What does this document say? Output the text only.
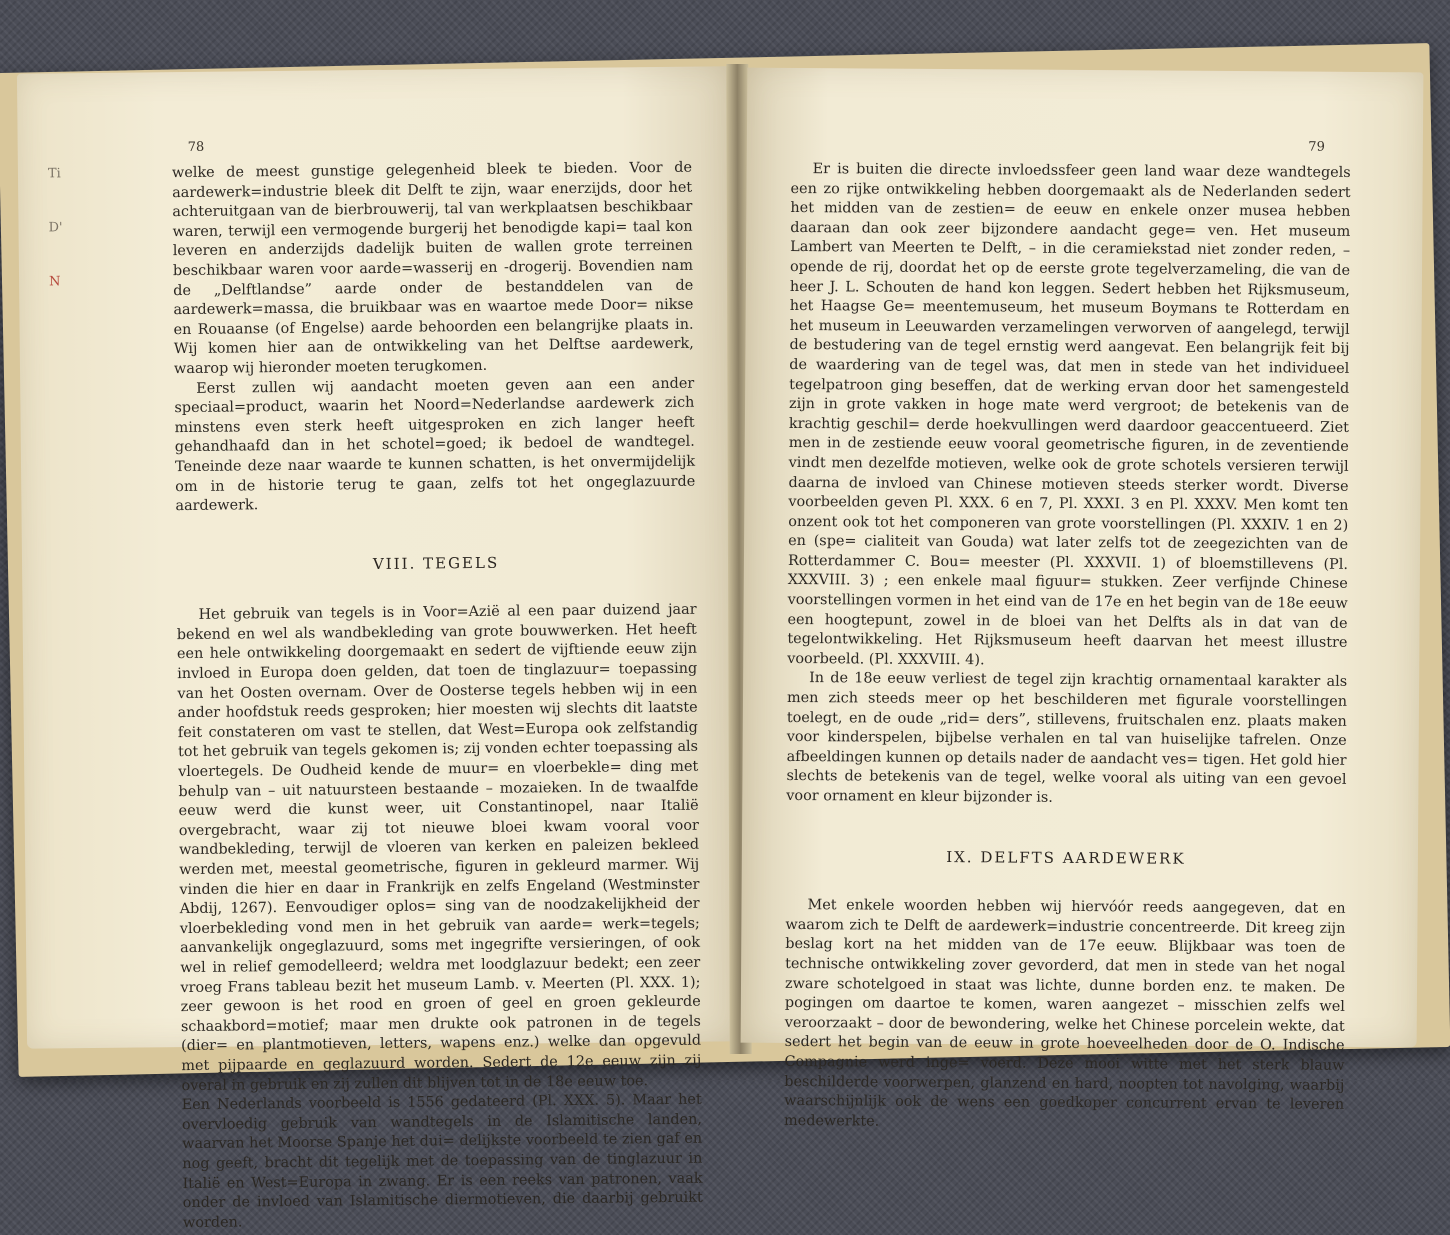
Ti
D'
N
78

welke de meest gunstige gelegenheid bleek te bieden. Voor de aardewerk=industrie bleek dit Delft te zijn, waar enerzijds, door het achteruitgaan van de bierbrouwerij, tal van werkplaatsen beschikbaar waren, terwijl een vermogende burgerij het benodigde kapi= taal kon leveren en anderzijds dadelijk buiten de wallen grote terreinen beschikbaar waren voor aarde=wasserij en -drogerij. Bovendien nam de „Delftlandse” aarde onder de bestanddelen van de aardewerk=massa, die bruikbaar was en waartoe mede Door= nikse en Rouaanse (of Engelse) aarde behoorden een belangrijke plaats in. Wij komen hier aan de ontwikkeling van het Delftse aardewerk, waarop wij hieronder moeten terugkomen.

Eerst zullen wij aandacht moeten geven aan een ander speciaal=product, waarin het Noord=Nederlandse aardewerk zich minstens even sterk heeft uitgesproken en zich langer heeft gehandhaafd dan in het schotel=goed; ik bedoel de wandtegel. Teneinde deze naar waarde te kunnen schatten, is het onvermijdelijk om in de historie terug te gaan, zelfs tot het ongeglazuurde aardewerk.

VIII. TEGELS

Het gebruik van tegels is in Voor=Azië al een paar duizend jaar bekend en wel als wandbekleding van grote bouwwerken. Het heeft een hele ontwikkeling doorgemaakt en sedert de vijftiende eeuw zijn invloed in Europa doen gelden, dat toen de tinglazuur= toepassing van het Oosten overnam. Over de Oosterse tegels hebben wij in een ander hoofdstuk reeds gesproken; hier moesten wij slechts dit laatste feit constateren om vast te stellen, dat West=Europa ook zelfstandig tot het gebruik van tegels gekomen is; zij vonden echter toepassing als vloertegels. De Oudheid kende de muur= en vloerbekle= ding met behulp van – uit natuursteen bestaande – mozaieken. In de twaalfde eeuw werd die kunst weer, uit Constantinopel, naar Italië overgebracht, waar zij tot nieuwe bloei kwam vooral voor wandbekleding, terwijl de vloeren van kerken en paleizen bekleed werden met, meestal geometrische, figuren in gekleurd marmer. Wij vinden die hier en daar in Frankrijk en zelfs Engeland (Westminster Abdij, 1267). Eenvoudiger oplos= sing van de noodzakelijkheid der vloerbekleding vond men in het gebruik van aarde= werk=tegels; aanvankelijk ongeglazuurd, soms met ingegrifte versieringen, of ook wel in relief gemodelleerd; weldra met loodglazuur bedekt; een zeer vroeg Frans tableau bezit het museum Lamb. v. Meerten (Pl. XXX. 1); zeer gewoon is het rood en groen of geel en groen gekleurde schaakbord=motief; maar men drukte ook patronen in de tegels (dier= en plantmotieven, letters, wapens enz.) welke dan opgevuld met pijpaarde en geglazuurd worden. Sedert de 12e eeuw zijn zij overal in gebruik en zij zullen dit blijven tot in de 18e eeuw toe.

Een Nederlands voorbeeld is 1556 gedateerd (Pl. XXX. 5). Maar het overvloedig gebruik van wandtegels in de Islamitische landen, waarvan het Moorse Spanje het dui= delijkste voorbeeld te zien gaf en nog geeft, bracht dit tegelijk met de toepassing van de tinglazuur in Italië en West=Europa in zwang. Er is een reeks van patronen, vaak onder de invloed van Islamitische diermotieven, die daarbij gebruikt worden.

79

Er is buiten die directe invloedssfeer geen land waar deze wandtegels een zo rijke ontwikkeling hebben doorgemaakt als de Nederlanden sedert het midden van de zestien= de eeuw en enkele onzer musea hebben daaraan dan ook zeer bijzondere aandacht gege= ven. Het museum Lambert van Meerten te Delft, – in die ceramiekstad niet zonder reden, – opende de rij, doordat het op de eerste grote tegelverzameling, die van de heer J. L. Schouten de hand kon leggen. Sedert hebben het Rijksmuseum, het Haagse Ge= meentemuseum, het museum Boymans te Rotterdam en het museum in Leeuwarden verzamelingen verworven of aangelegd, terwijl de bestudering van de tegel ernstig werd aangevat. Een belangrijk feit bij de waardering van de tegel was, dat men in stede van het individueel tegelpatroon ging beseffen, dat de werking ervan door het samengesteld zijn in grote vakken in hoge mate werd vergroot; de betekenis van de krachtig geschil= derde hoekvullingen werd daardoor geaccentueerd. Ziet men in de zestiende eeuw vooral geometrische figuren, in de zeventiende vindt men dezelfde motieven, welke ook de grote schotels versieren terwijl daarna de invloed van Chinese motieven steeds sterker wordt. Diverse voorbeelden geven Pl. XXX. 6 en 7, Pl. XXXI. 3 en Pl. XXXV. Men komt ten onzent ook tot het componeren van grote voorstellingen (Pl. XXXIV. 1 en 2) en (spe= cialiteit van Gouda) wat later zelfs tot de zeegezichten van de Rotterdammer C. Bou= meester (Pl. XXXVII. 1) of bloemstillevens (Pl. XXXVIII. 3) ; een enkele maal figuur= stukken. Zeer verfijnde Chinese voorstellingen vormen in het eind van de 17e en het begin van de 18e eeuw een hoogtepunt, zowel in de bloei van het Delfts als in dat van de tegelontwikkeling. Het Rijksmuseum heeft daarvan het meest illustre voorbeeld. (Pl. XXXVIII. 4).

In de 18e eeuw verliest de tegel zijn krachtig ornamentaal karakter als men zich steeds meer op het beschilderen met figurale voorstellingen toelegt, en de oude „rid= ders”, stillevens, fruitschalen enz. plaats maken voor kinderspelen, bijbelse verhalen en tal van huiselijke tafrelen. Onze afbeeldingen kunnen op details nader de aandacht ves= tigen. Het gold hier slechts de betekenis van de tegel, welke vooral als uiting van een gevoel voor ornament en kleur bijzonder is.

IX. DELFTS AARDEWERK

Met enkele woorden hebben wij hiervóór reeds aangegeven, dat en waarom zich te Delft de aardewerk=industrie concentreerde. Dit kreeg zijn beslag kort na het midden van de 17e eeuw. Blijkbaar was toen de technische ontwikkeling zover gevorderd, dat men in stede van het nogal zware schotelgoed in staat was lichte, dunne borden enz. te maken. De pogingen om daartoe te komen, waren aangezet – misschien zelfs wel veroorzaakt – door de bewondering, welke het Chinese porcelein wekte, dat sedert het begin van de eeuw in grote hoeveelheden door de O. Indische Compagnie werd inge= voerd. Deze mooi witte met het sterk blauw beschilderde voorwerpen, glanzend en hard, noopten tot navolging, waarbij waarschijnlijk ook de wens een goedkoper concurrent ervan te leveren medewerkte.
